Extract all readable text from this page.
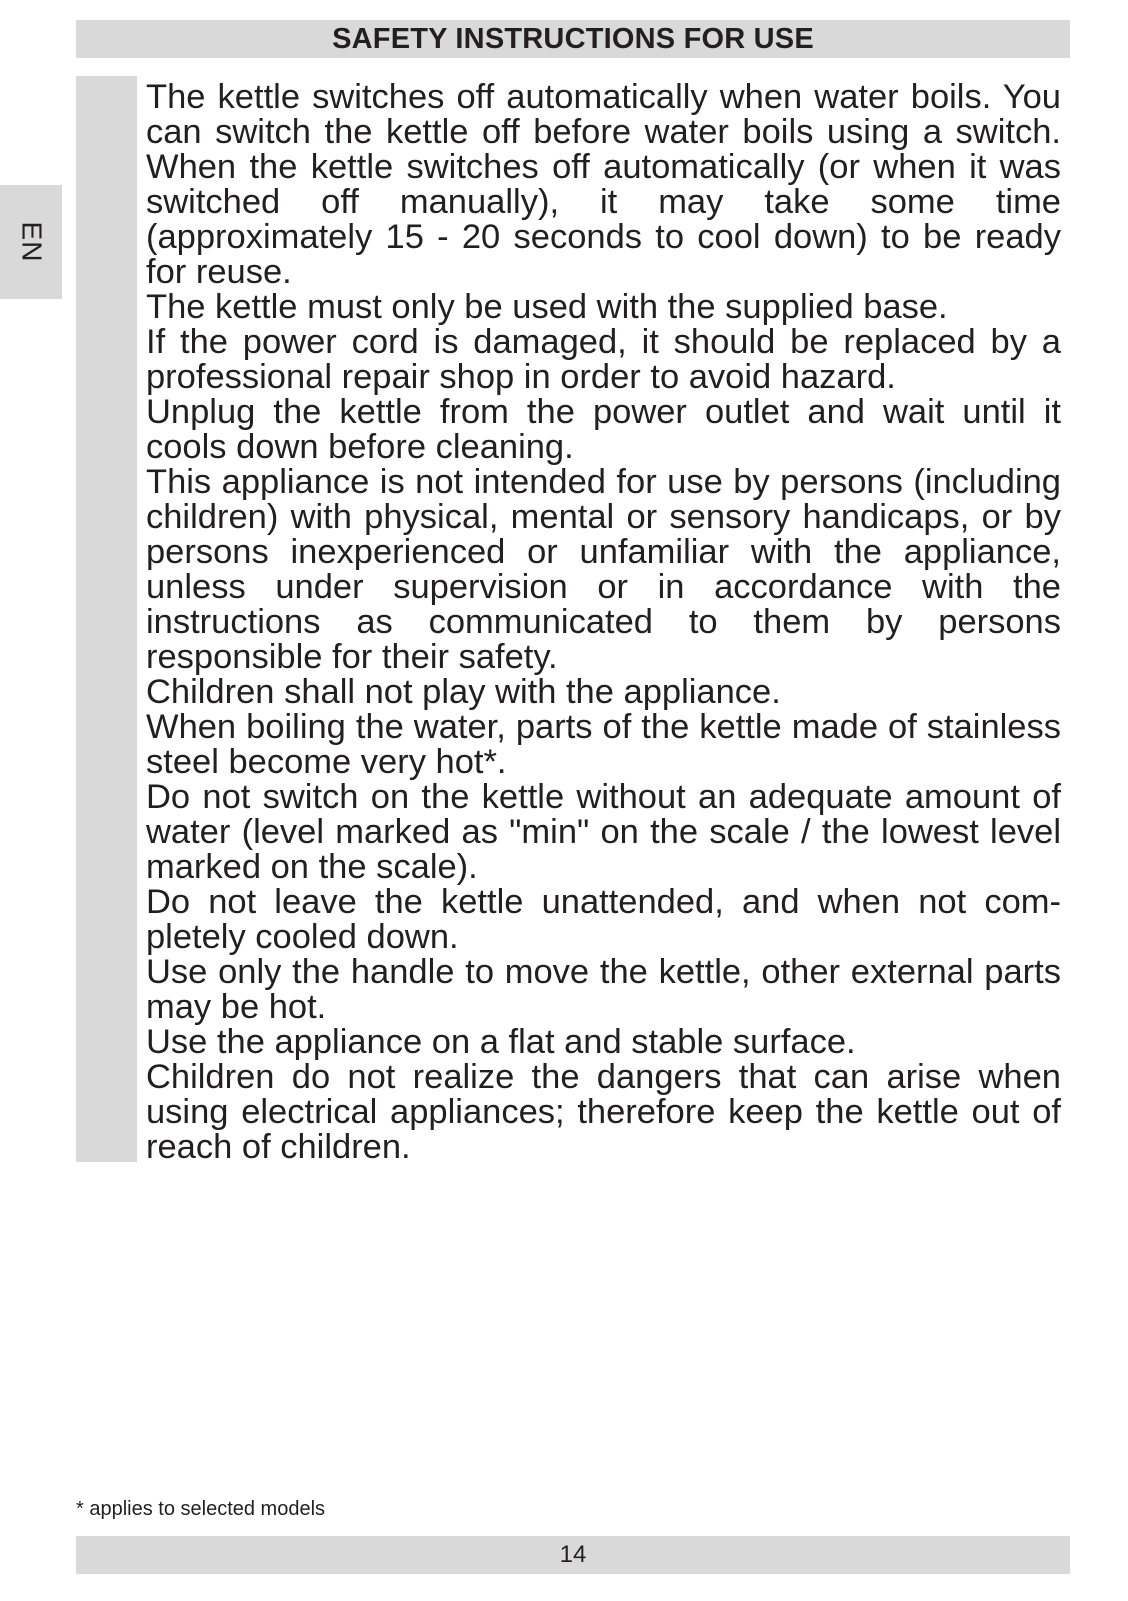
SAFETY INSTRUCTIONS FOR USE
EN

The kettle switches off automatically when water boils. You can switch the kettle off before water boils using a switch. When the kettle switches off automatically (or when it was switched off manually), it may take some time (approximately 15 - 20 seconds to cool down) to be ready for reuse.

The kettle must only be used with the supplied base.

If the power cord is damaged, it should be replaced by a professional repair shop in order to avoid hazard.

Unplug the kettle from the power outlet and wait until it cools down before cleaning.

This appliance is not intended for use by persons (including children) with physical, mental or sensory handicaps, or by persons inexperienced or unfamiliar with the appliance, unless under supervision or in accordance with the instructions as communicated to them by persons responsible for their safety.

Children shall not play with the appliance.

When boiling the water, parts of the kettle made of stainless steel become very hot*.

Do not switch on the kettle without an adequate amount of water (level marked as "min" on the scale / the lowest level marked on the scale).

Do not leave the kettle unattended, and when not completely cooled down.

Use only the handle to move the kettle, other external parts may be hot.

Use the appliance on a flat and stable surface.

Children do not realize the dangers that can arise when using electrical appliances; therefore keep the kettle out of reach of children.

* applies to selected models
14
